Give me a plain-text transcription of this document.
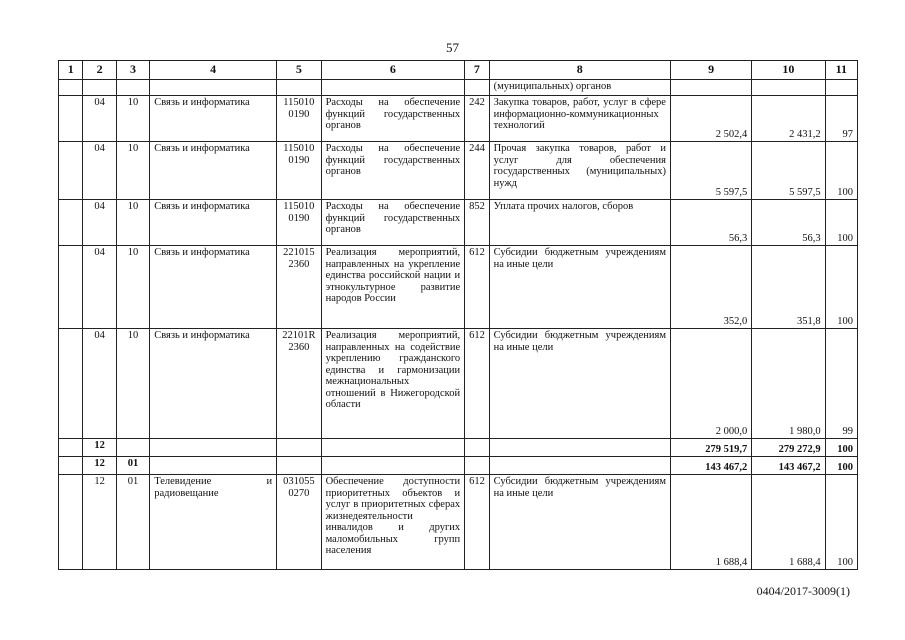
57
1	2	3	4	5	6	7	8	9	10	11
							(муниципальных) органов			
	04	10	Связь и информатика	115010 0190	Расходы на обеспечение функций государственных органов	242	Закупка товаров, работ, услуг в сфере информационно-коммуникационных технологий	2 502,4	2 431,2	97
	04	10	Связь и информатика	115010 0190	Расходы на обеспечение функций государственных органов	244	Прочая закупка товаров, работ и услуг для обеспечения государственных (муниципальных) нужд	5 597,5	5 597,5	100
	04	10	Связь и информатика	115010 0190	Расходы на обеспечение функций государственных органов	852	Уплата прочих налогов, сборов	56,3	56,3	100
	04	10	Связь и информатика	221015 2360	Реализация мероприятий, направленных на укрепление единства российской нации и этнокультурное развитие народов России	612	Субсидии бюджетным учреждениям на иные цели	352,0	351,8	100
	04	10	Связь и информатика	22101R 2360	Реализация мероприятий, направленных на содействие укреплению гражданского единства и гармонизации межнациональных отношений в Нижегородской области	612	Субсидии бюджетным учреждениям на иные цели	2 000,0	1 980,0	99
	12							279 519,7	279 272,9	100
	12	01						143 467,2	143 467,2	100
	12	01	Телевидение и радиовещание	031055 0270	Обеспечение доступности приоритетных объектов и услуг в приоритетных сферах жизнедеятельности инвалидов и других маломобильных групп населения	612	Субсидии бюджетным учреждениям на иные цели	1 688,4	1 688,4	100
0404/2017-3009(1)
